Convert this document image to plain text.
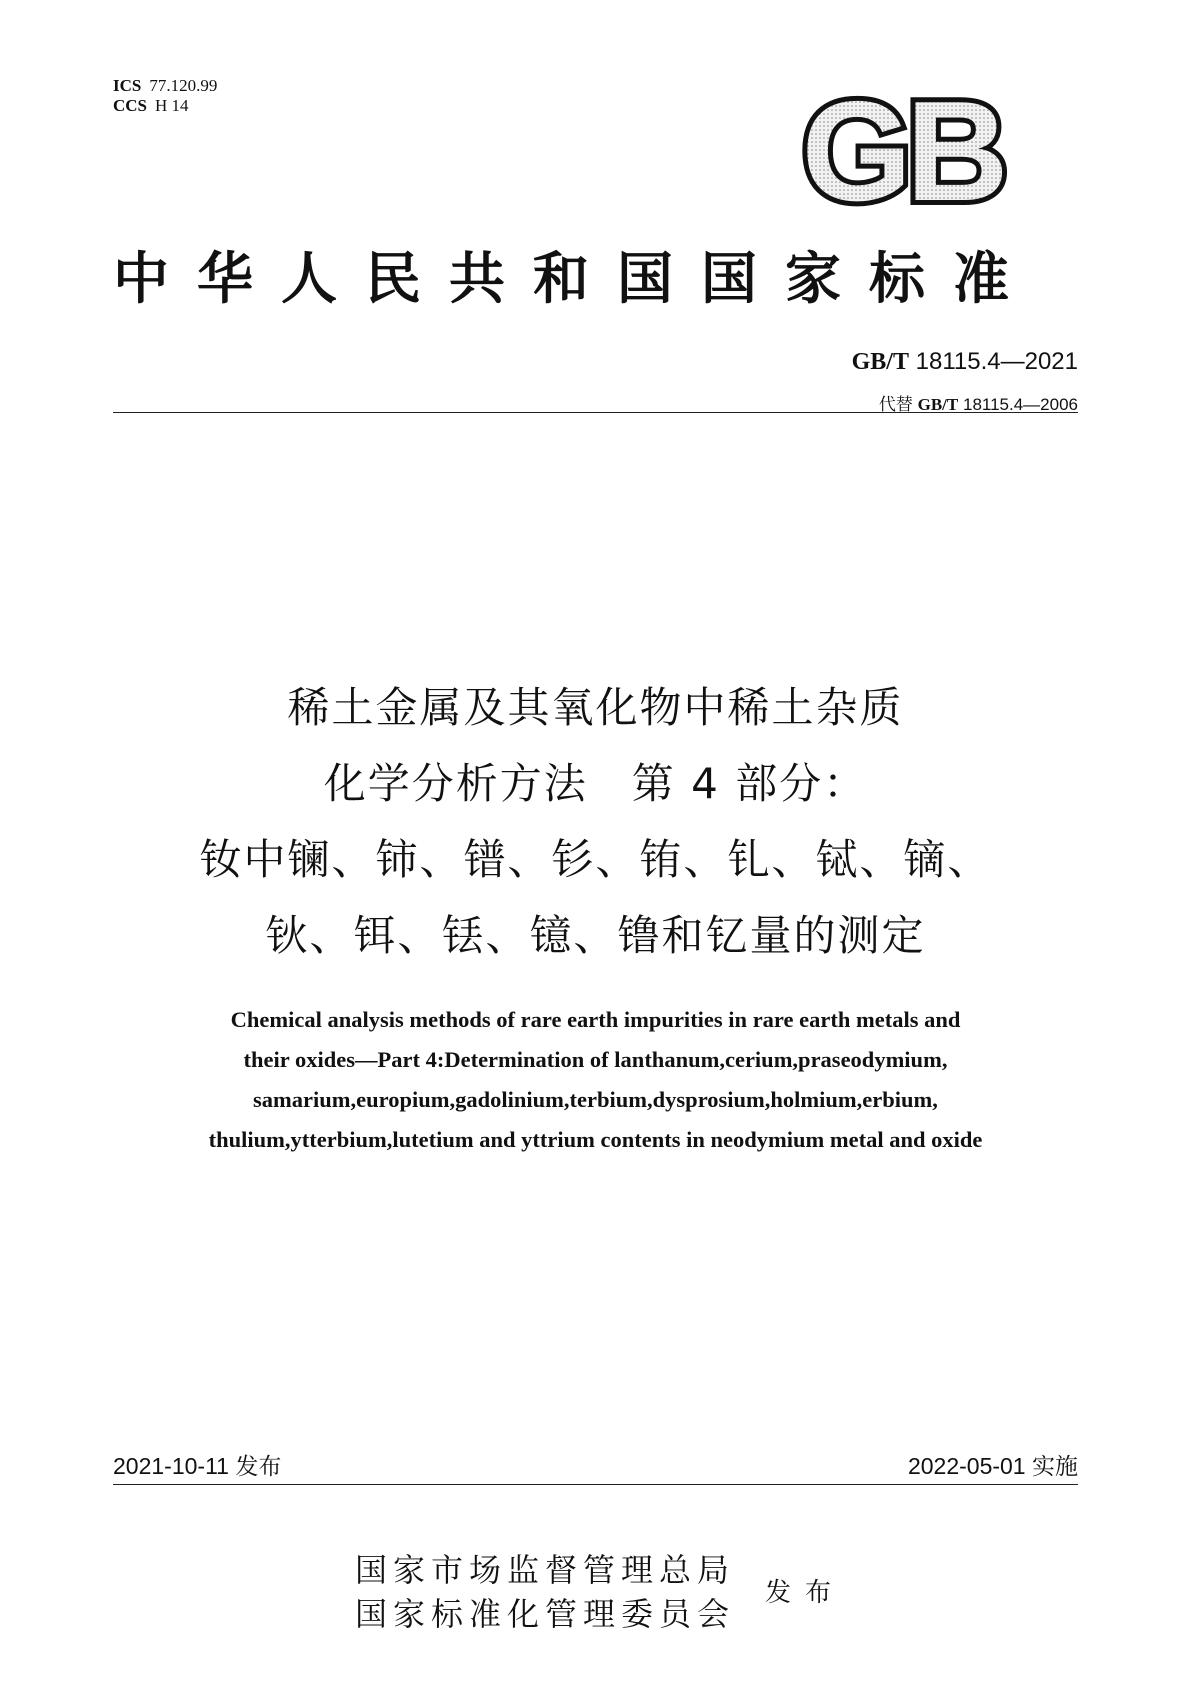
ICS 77.120.99
CCS H 14	GB
中华人民共和国国家标准
GB/T 18115.4—2021
代替 GB/T 18115.4—2006
稀土金属及其氧化物中稀土杂质
化学分析方法　第 4 部分：
钕中镧、铈、镨、钐、铕、钆、铽、镝、
钬、铒、铥、镱、镥和钇量的测定
Chemical analysis methods of rare earth impurities in rare earth metals and
their oxides—Part 4:Determination of lanthanum,cerium,praseodymium,
samarium,europium,gadolinium,terbium,dysprosium,holmium,erbium,
thulium,ytterbium,lutetium and yttrium contents in neodymium metal and oxide
2021-10-11 发布	2022-05-01 实施
国家市场监督管理总局
国家标准化管理委员会
发布
